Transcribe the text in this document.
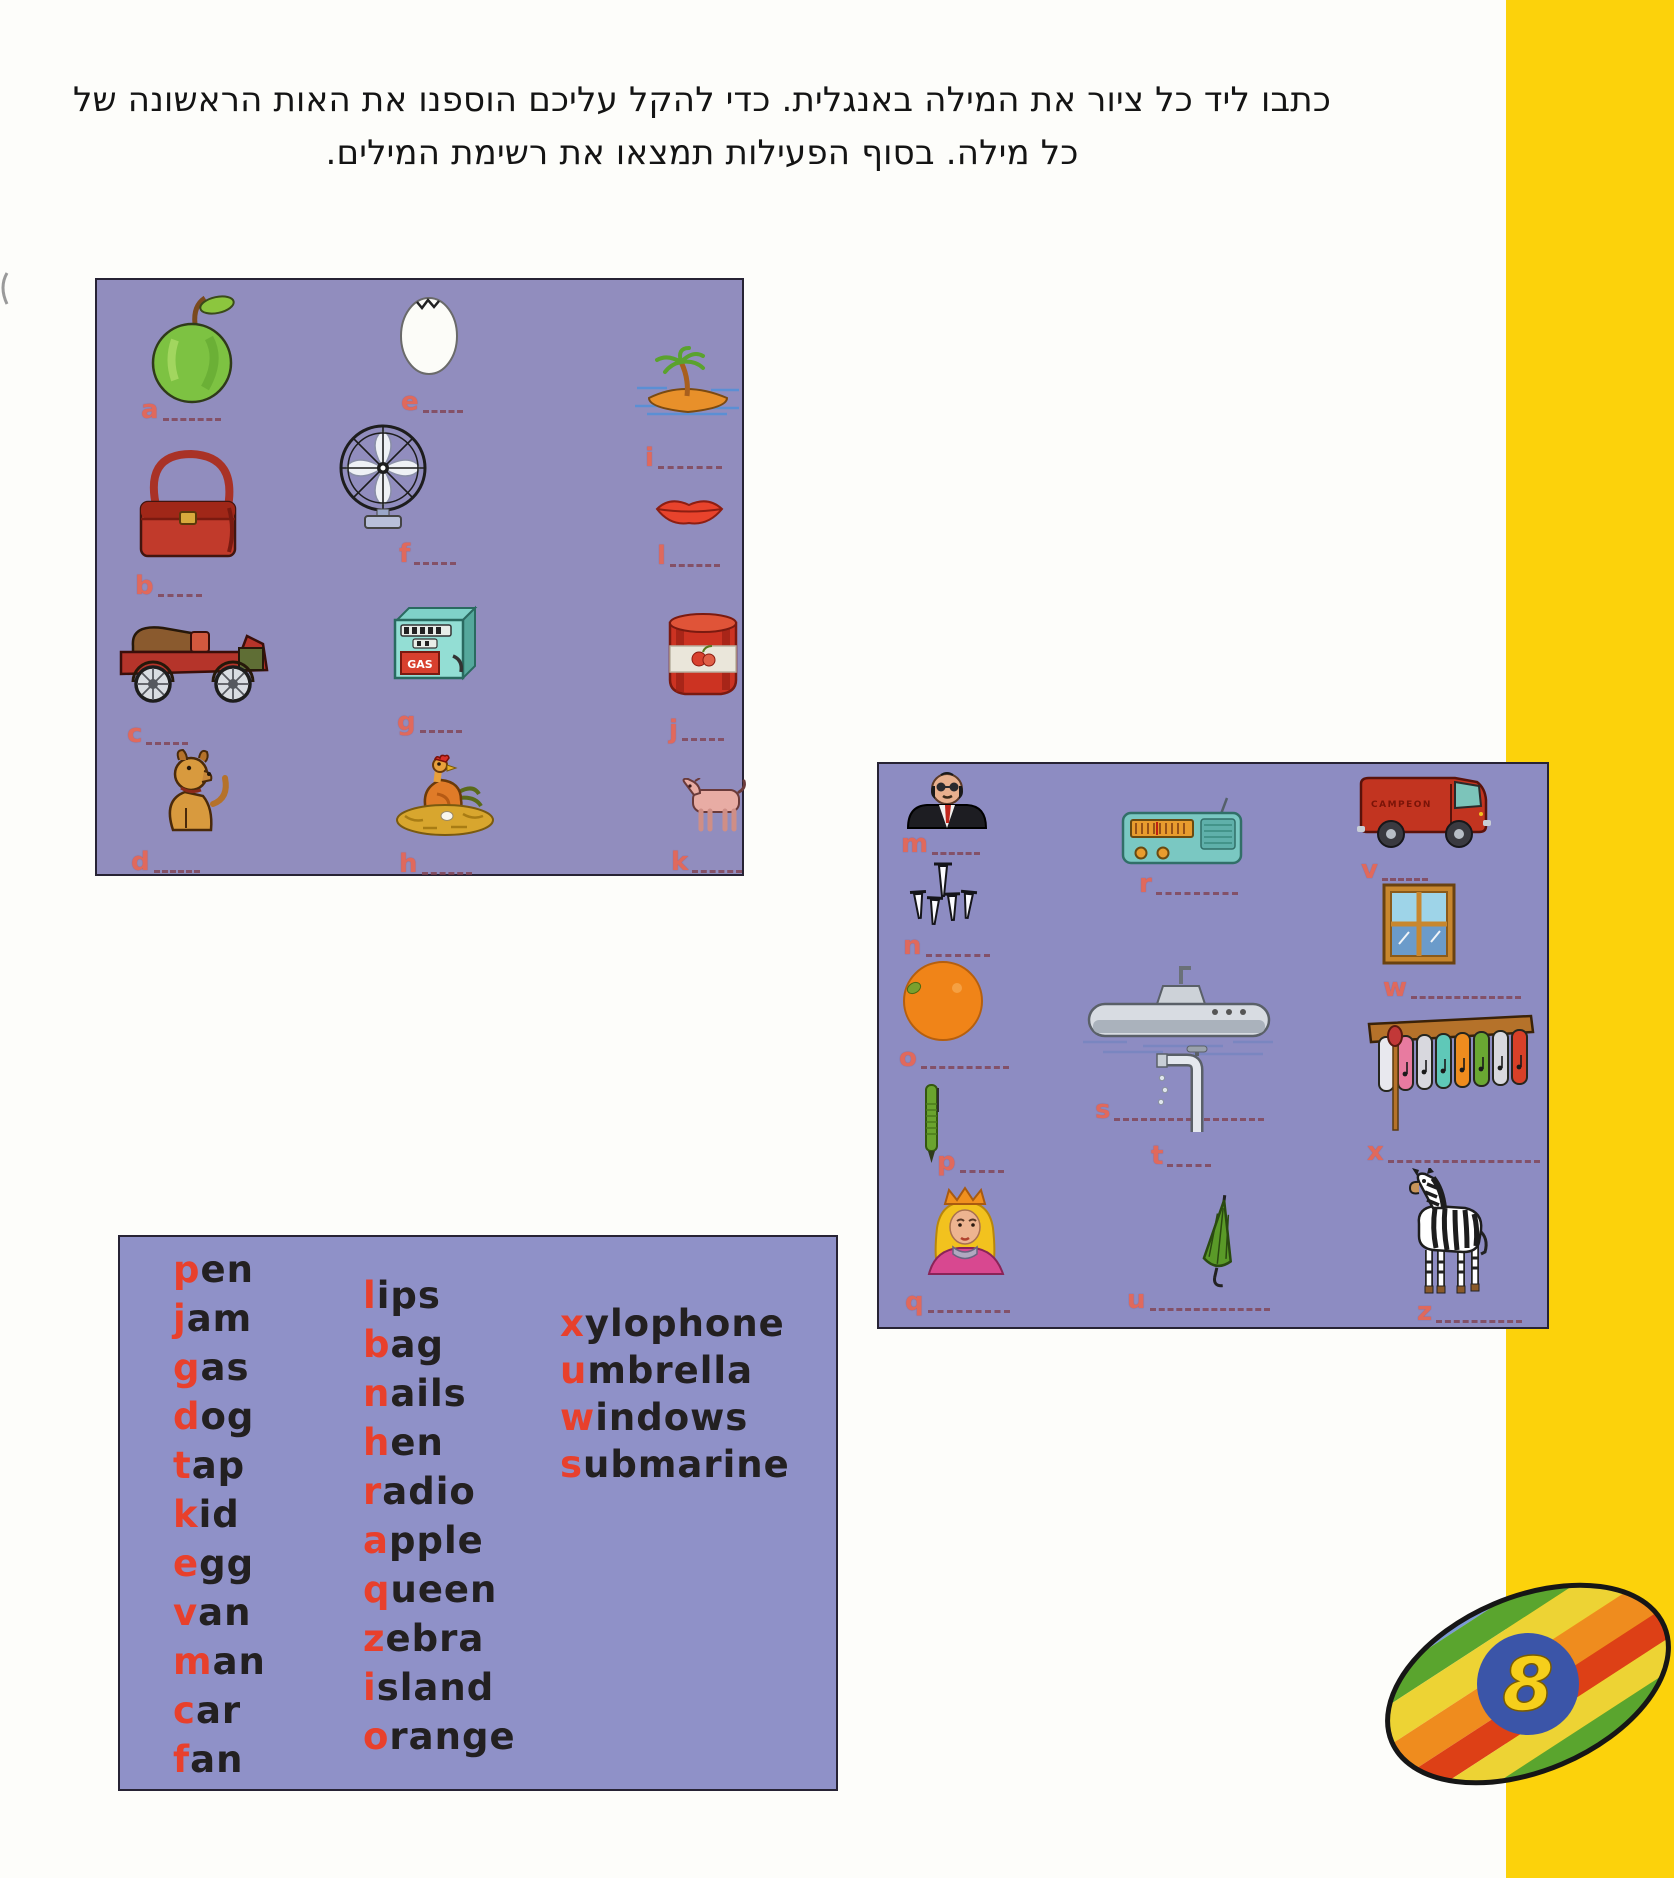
כתבו ליד כל ציור את המילה באנגלית. כדי להקל עליכם הוספנו את האות הראשונה של
כל מילה. בסוף הפעילות תמצאו את רשימת המילים.
a	e
i
b
f	l
c
GAS
g	j
d	h	k
m
n
o
p
q
r
s
t
u
CAMPEON
v
w
x
z
pen
jam
gas
dog
tap
kid
egg
van
man
car
fan
lips
bag
nails
hen
radio
apple
queen
zebra
island
orange
xylophone
umbrella
windows
submarine
8
